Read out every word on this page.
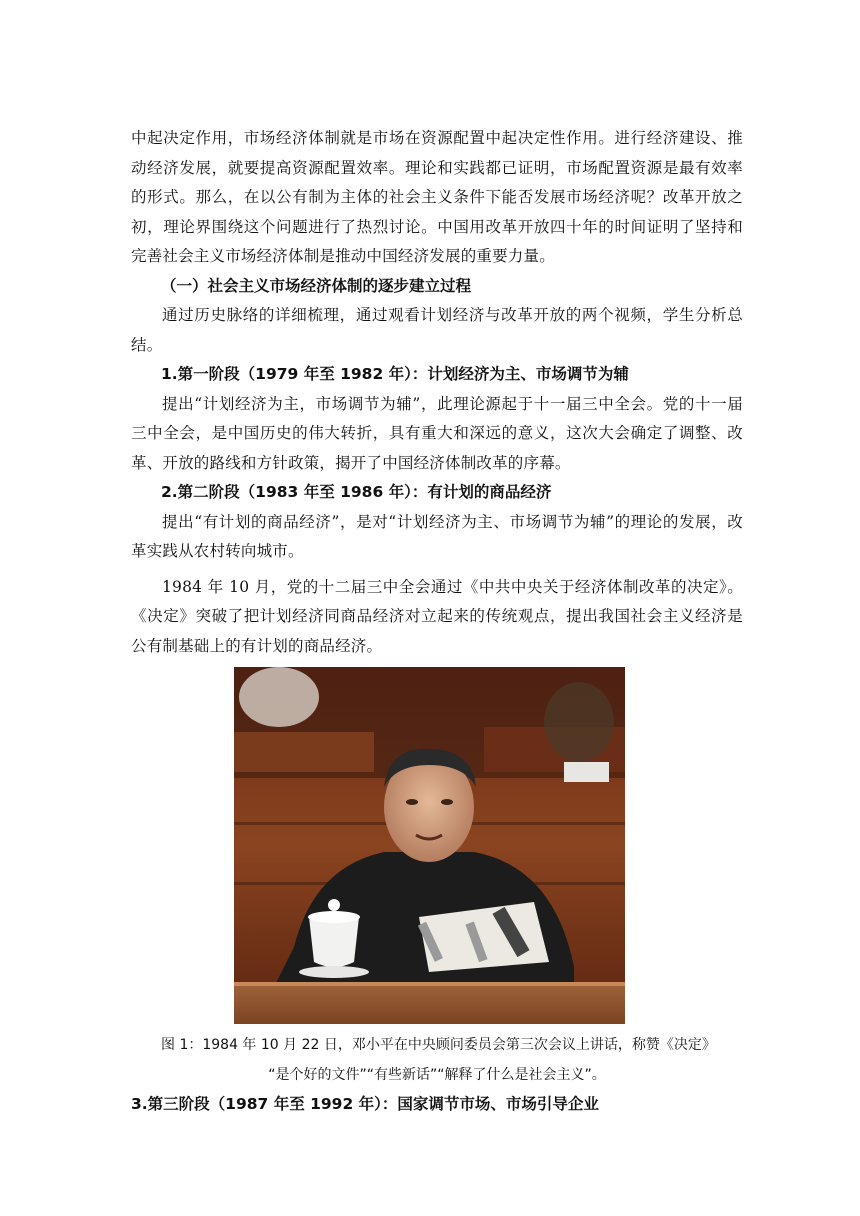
中起决定作用，市场经济体制就是市场在资源配置中起决定性作用。进行经济建设、推动经济发展，就要提高资源配置效率。理论和实践都已证明，市场配置资源是最有效率的形式。那么，在以公有制为主体的社会主义条件下能否发展市场经济呢？改革开放之初，理论界围绕这个问题进行了热烈讨论。中国用改革开放四十年的时间证明了坚持和完善社会主义市场经济体制是推动中国经济发展的重要力量。

（一）社会主义市场经济体制的逐步建立过程

通过历史脉络的详细梳理，通过观看计划经济与改革开放的两个视频，学生分析总结。

1.第一阶段（1979 年至 1982 年）：计划经济为主、市场调节为辅

提出“计划经济为主，市场调节为辅”，此理论源起于十一届三中全会。党的十一届三中全会，是中国历史的伟大转折，具有重大和深远的意义，这次大会确定了调整、改革、开放的路线和方针政策，揭开了中国经济体制改革的序幕。

2.第二阶段（1983 年至 1986 年）：有计划的商品经济

提出“有计划的商品经济”，是对“计划经济为主、市场调节为辅”的理论的发展，改革实践从农村转向城市。

1984 年 10 月，党的十二届三中全会通过《中共中央关于经济体制改革的决定》。《决定》突破了把计划经济同商品经济对立起来的传统观点，提出我国社会主义经济是公有制基础上的有计划的商品经济。

图 1：1984 年 10 月 22 日，邓小平在中央顾问委员会第三次会议上讲话，称赞《决定》
“是个好的文件”“有些新话”“解释了什么是社会主义”。

3.第三阶段（1987 年至 1992 年）：国家调节市场、市场引导企业
